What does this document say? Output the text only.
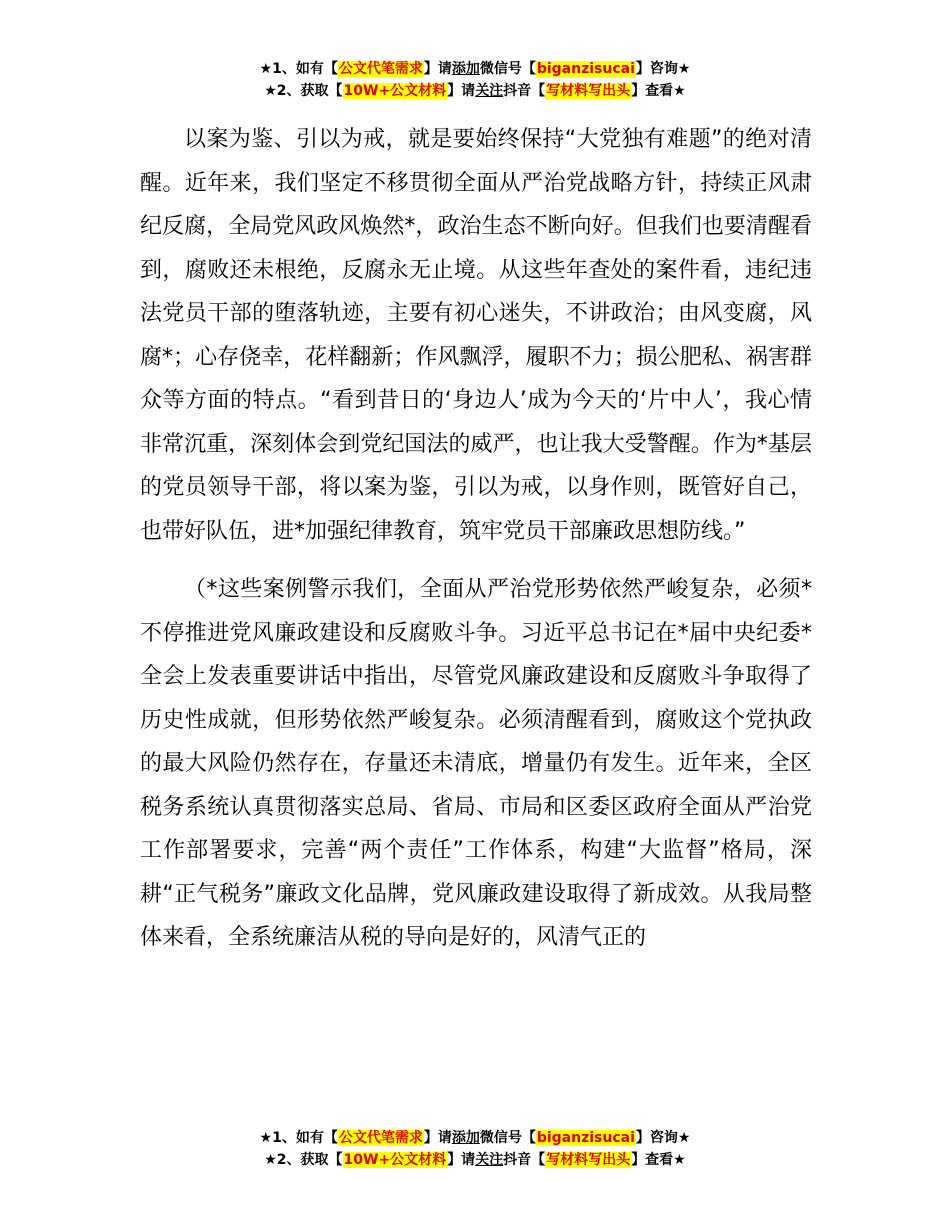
★1、如有【公文代笔需求】请添加微信号【biganzisucai】咨询★
★2、获取【10W+公文材料】请关注抖音【写材料写出头】查看★

以案为鉴、引以为戒，就是要始终保持“大党独有难题”的绝对清醒。近年来，我们坚定不移贯彻全面从严治党战略方针，持续正风肃纪反腐，全局党风政风焕然*，政治生态不断向好。但我们也要清醒看到，腐败还未根绝，反腐永无止境。从这些年查处的案件看，违纪违法党员干部的堕落轨迹，主要有初心迷失，不讲政治；由风变腐，风腐*；心存侥幸，花样翻新；作风飘浮，履职不力；损公肥私、祸害群众等方面的特点。“看到昔日的‘身边人’成为今天的‘片中人’，我心情非常沉重，深刻体会到党纪国法的威严，也让我大受警醒。作为*基层的党员领导干部，将以案为鉴，引以为戒，以身作则，既管好自己，也带好队伍，进*加强纪律教育，筑牢党员干部廉政思想防线。”

（*这些案例警示我们，全面从严治党形势依然严峻复杂，必须*不停推进党风廉政建设和反腐败斗争。习近平总书记在*届中央纪委*全会上发表重要讲话中指出，尽管党风廉政建设和反腐败斗争取得了历史性成就，但形势依然严峻复杂。必须清醒看到，腐败这个党执政的最大风险仍然存在，存量还未清底，增量仍有发生。近年来，全区税务系统认真贯彻落实总局、省局、市局和区委区政府全面从严治党工作部署要求，完善“两个责任”工作体系，构建“大监督”格局，深耕“正气税务”廉政文化品牌，党风廉政建设取得了新成效。从我局整体来看，全系统廉洁从税的导向是好的，风清气正的

★1、如有【公文代笔需求】请添加微信号【biganzisucai】咨询★
★2、获取【10W+公文材料】请关注抖音【写材料写出头】查看★
